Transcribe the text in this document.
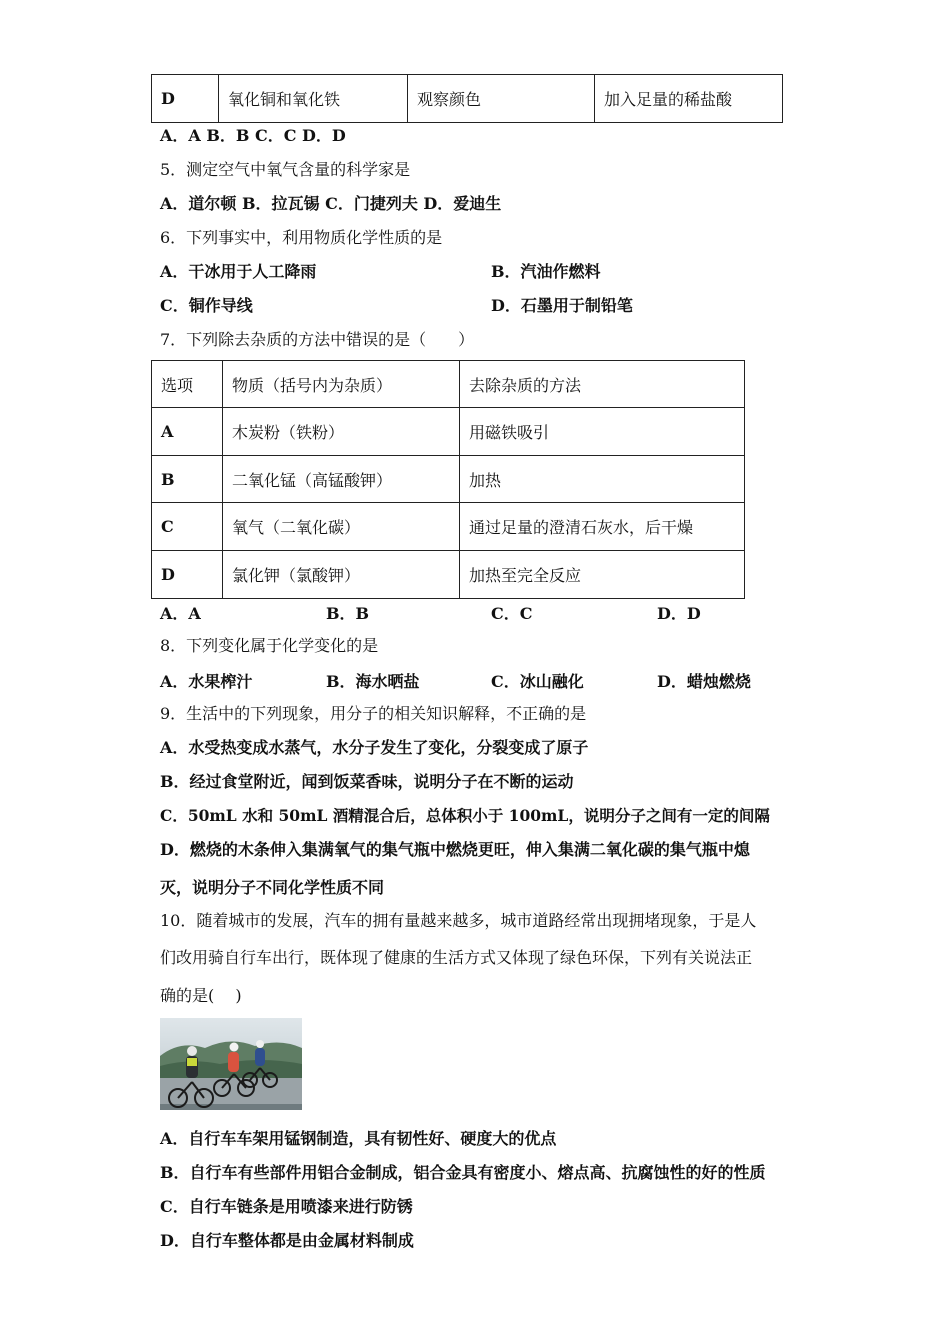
D	氧化铜和氧化铁	观察颜色	加入足量的稀盐酸
A．A B．B C．C D．D
5．测定空气中氧气含量的科学家是
A．道尔顿 B．拉瓦锡 C．门捷列夫 D．爱迪生
6．下列事实中，利用物质化学性质的是
A．干冰用于人工降雨	B．汽油作燃料
C．铜作导线	D．石墨用于制铅笔
7．下列除去杂质的方法中错误的是（　　）
选项	物质（括号内为杂质）	去除杂质的方法
A	木炭粉（铁粉）	用磁铁吸引
B	二氧化锰（高锰酸钾）	加热
C	氧气（二氧化碳）	通过足量的澄清石灰水，后干燥
D	氯化钾（氯酸钾）	加热至完全反应
A．A	B．B	C．C	D．D
8．下列变化属于化学变化的是
A．水果榨汁	B．海水晒盐	C．冰山融化	D．蜡烛燃烧
9．生活中的下列现象，用分子的相关知识解释，不正确的是
A．水受热变成水蒸气，水分子发生了变化，分裂变成了原子
B．经过食堂附近，闻到饭菜香味，说明分子在不断的运动
C．50mL 水和 50mL 酒精混合后，总体积小于 100mL，说明分子之间有一定的间隔
D．燃烧的木条伸入集满氧气的集气瓶中燃烧更旺，伸入集满二氧化碳的集气瓶中熄
灭，说明分子不同化学性质不同
10．随着城市的发展，汽车的拥有量越来越多，城市道路经常出现拥堵现象，于是人
们改用骑自行车出行，既体现了健康的生活方式又体现了绿色环保，下列有关说法正
确的是(　 )
A．自行车车架用锰钢制造，具有韧性好、硬度大的优点
B．自行车有些部件用铝合金制成，铝合金具有密度小、熔点高、抗腐蚀性的好的性质
C．自行车链条是用喷漆来进行防锈
D．自行车整体都是由金属材料制成
